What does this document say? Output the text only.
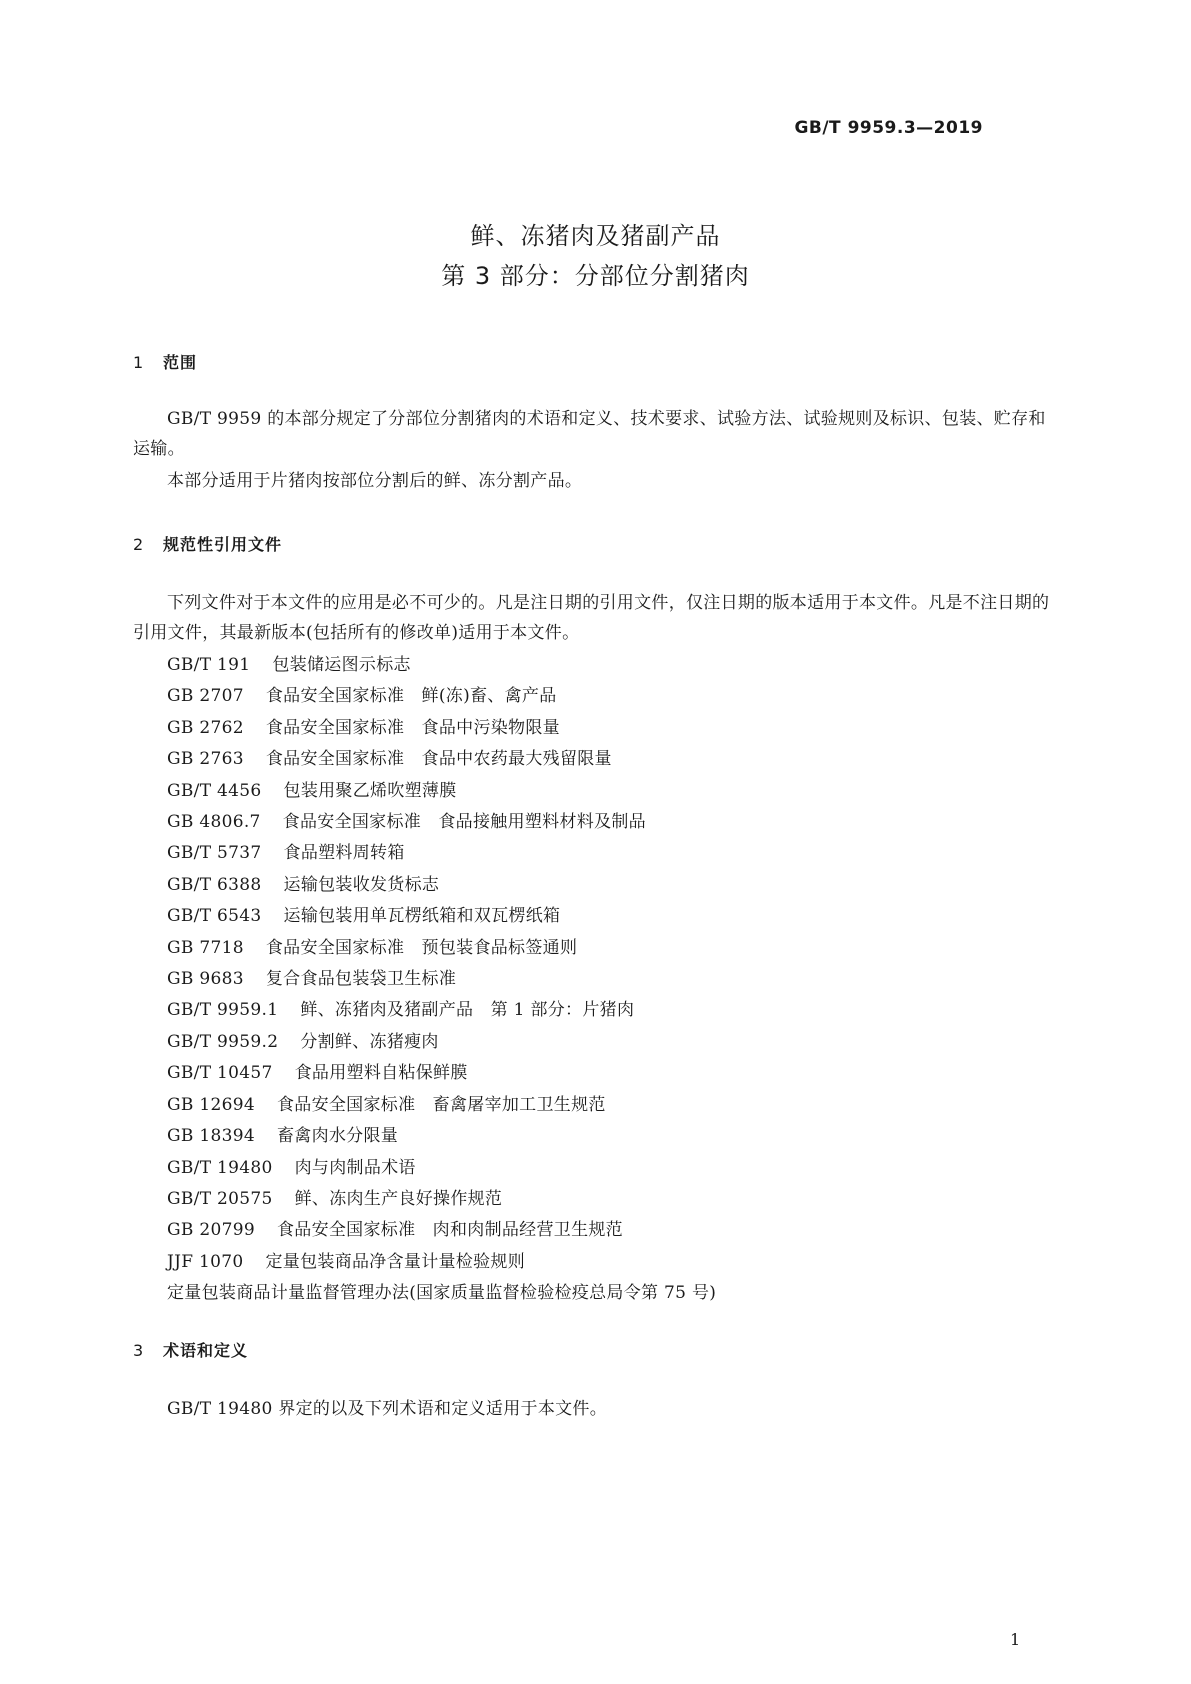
GB/T 9959.3—2019
鲜、冻猪肉及猪副产品
第 3 部分：分部位分割猪肉
1 范围
GB/T 9959 的本部分规定了分部位分割猪肉的术语和定义、技术要求、试验方法、试验规则及标识、包装、贮存和运输。
本部分适用于片猪肉按部位分割后的鲜、冻分割产品。
2 规范性引用文件
下列文件对于本文件的应用是必不可少的。凡是注日期的引用文件，仅注日期的版本适用于本文件。凡是不注日期的引用文件，其最新版本(包括所有的修改单)适用于本文件。
GB/T 191 包装储运图示标志
GB 2707 食品安全国家标准　鲜(冻)畜、禽产品
GB 2762 食品安全国家标准　食品中污染物限量
GB 2763 食品安全国家标准　食品中农药最大残留限量
GB/T 4456 包装用聚乙烯吹塑薄膜
GB 4806.7 食品安全国家标准　食品接触用塑料材料及制品
GB/T 5737 食品塑料周转箱
GB/T 6388 运输包装收发货标志
GB/T 6543 运输包装用单瓦楞纸箱和双瓦楞纸箱
GB 7718 食品安全国家标准　预包装食品标签通则
GB 9683 复合食品包装袋卫生标准
GB/T 9959.1 鲜、冻猪肉及猪副产品　第 1 部分：片猪肉
GB/T 9959.2 分割鲜、冻猪瘦肉
GB/T 10457 食品用塑料自粘保鲜膜
GB 12694 食品安全国家标准　畜禽屠宰加工卫生规范
GB 18394 畜禽肉水分限量
GB/T 19480 肉与肉制品术语
GB/T 20575 鲜、冻肉生产良好操作规范
GB 20799 食品安全国家标准　肉和肉制品经营卫生规范
JJF 1070 定量包装商品净含量计量检验规则
定量包装商品计量监督管理办法(国家质量监督检验检疫总局令第 75 号)
3 术语和定义
GB/T 19480 界定的以及下列术语和定义适用于本文件。
1
